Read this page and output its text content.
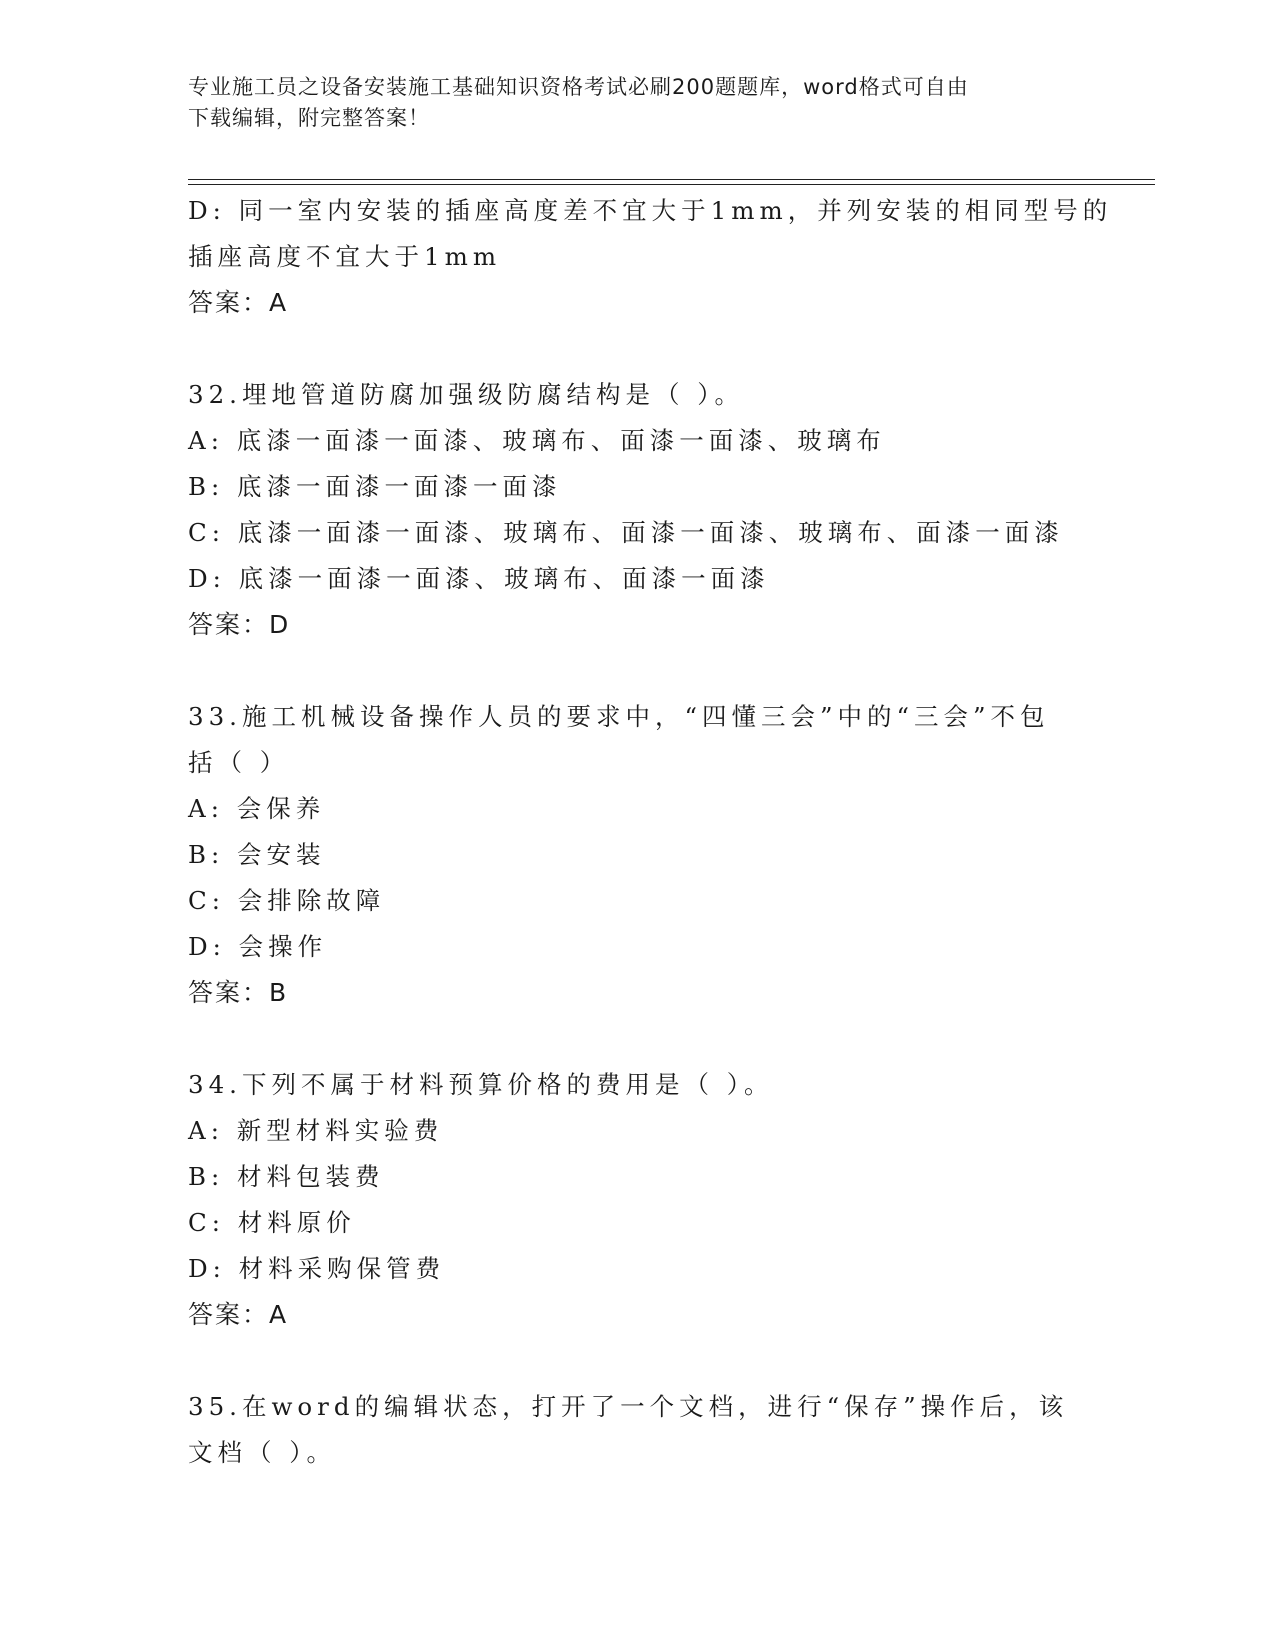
专业施工员之设备安装施工基础知识资格考试必刷200题题库，word格式可自由
下载编辑，附完整答案！
D: 同一室内安装的插座高度差不宜大于1mm，并列安装的相同型号的
插座高度不宜大于1mm
答案：A
32.埋地管道防腐加强级防腐结构是（ ）。
A: 底漆一面漆一面漆、玻璃布、面漆一面漆、玻璃布
B: 底漆一面漆一面漆一面漆
C: 底漆一面漆一面漆、玻璃布、面漆一面漆、玻璃布、面漆一面漆
D: 底漆一面漆一面漆、玻璃布、面漆一面漆
答案：D
33.施工机械设备操作人员的要求中，“四懂三会”中的“三会”不包
括（ ）
A: 会保养
B: 会安装
C: 会排除故障
D: 会操作
答案：B
34.下列不属于材料预算价格的费用是（ ）。
A: 新型材料实验费
B: 材料包装费
C: 材料原价
D: 材料采购保管费
答案：A
35.在word的编辑状态，打开了一个文档，进行“保存”操作后，该
文档（ ）。
